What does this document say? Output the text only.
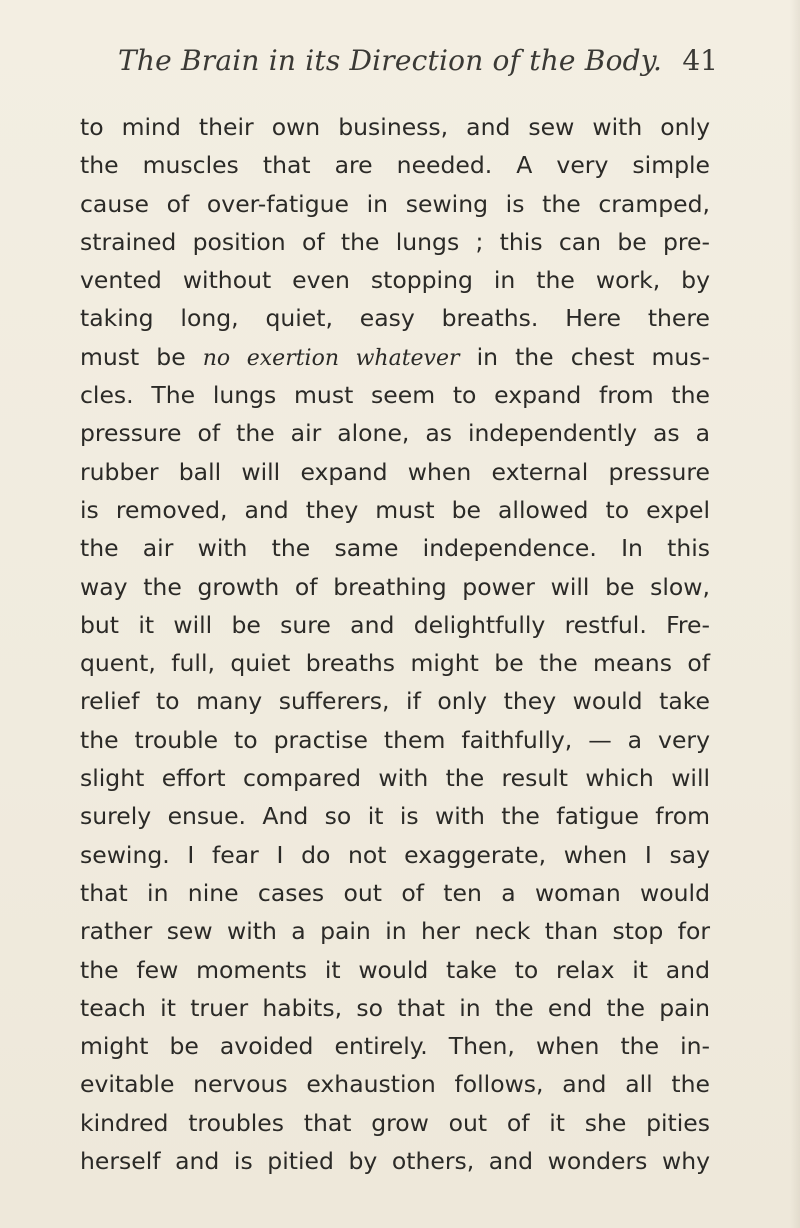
The Brain in its Direction of the Body. 41
to mind their own business, and sew with only
the muscles that are needed. A very simple
cause of over-fatigue in sewing is the cramped,
strained position of the lungs ; this can be pre-
vented without even stopping in the work, by
taking long, quiet, easy breaths. Here there
must be no exertion whatever in the chest mus-
cles. The lungs must seem to expand from the
pressure of the air alone, as independently as a
rubber ball will expand when external pressure
is removed, and they must be allowed to expel
the air with the same independence. In this
way the growth of breathing power will be slow,
but it will be sure and delightfully restful. Fre-
quent, full, quiet breaths might be the means of
relief to many sufferers, if only they would take
the trouble to practise them faithfully, — a very
slight effort compared with the result which will
surely ensue. And so it is with the fatigue from
sewing. I fear I do not exaggerate, when I say
that in nine cases out of ten a woman would
rather sew with a pain in her neck than stop for
the few moments it would take to relax it and
teach it truer habits, so that in the end the pain
might be avoided entirely. Then, when the in-
evitable nervous exhaustion follows, and all the
kindred troubles that grow out of it she pities
herself and is pitied by others, and wonders why
